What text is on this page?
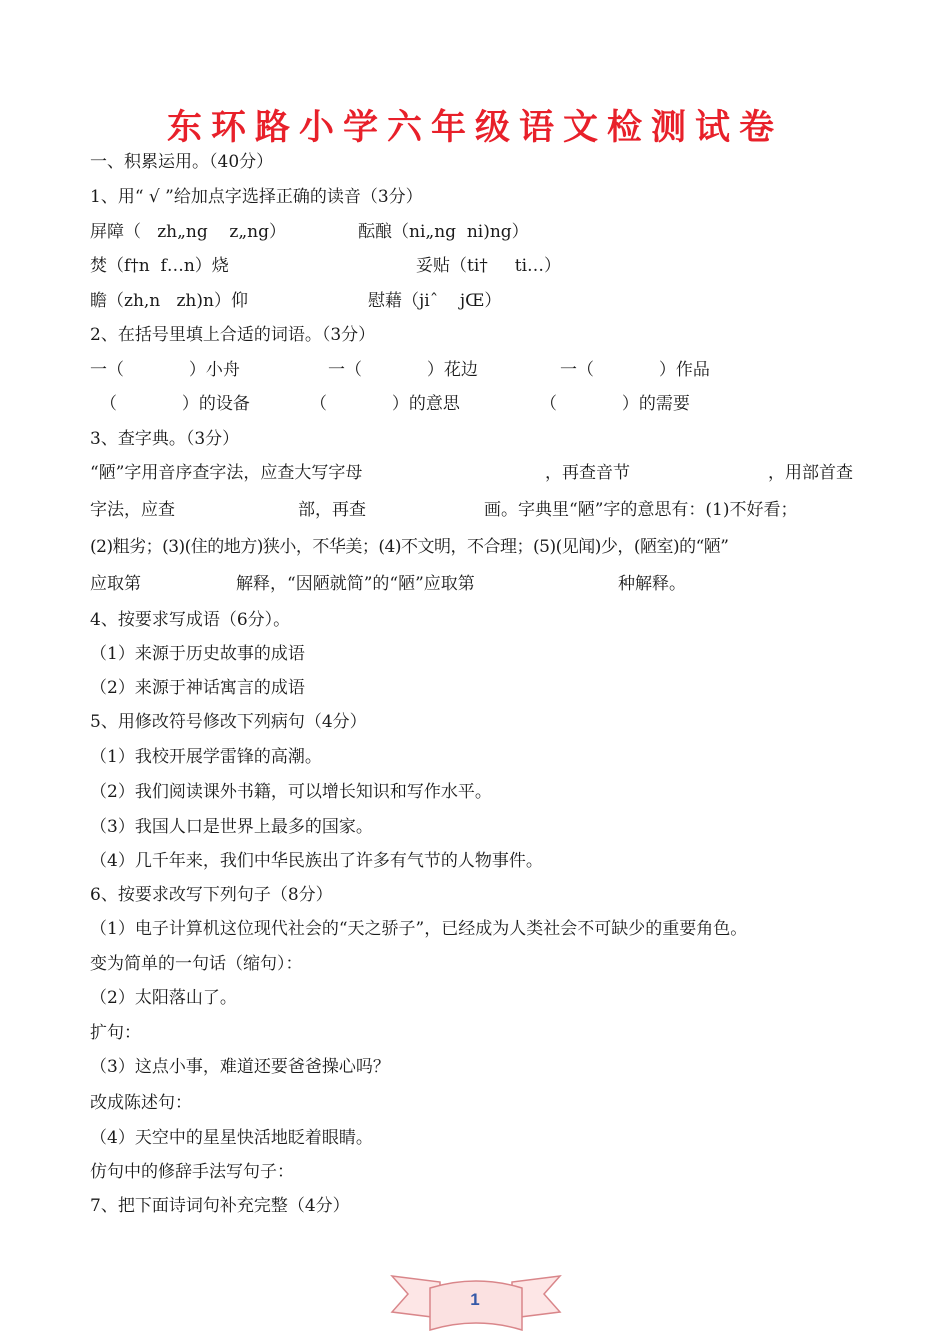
东环路小学六年级语文检测试卷
一、积累运用。（40分）
1、用“ √ ”给加点字选择正确的读音（3分）
屏障（   zh„ng    z„ng）	酝酿（ni„ng  ni)ng）
焚（f†n  f…n）烧	妥贴（ti†     ti…）
瞻（zh,n   zh)n）仰	慰藉（jiˆ    jŒ）
2、在括号里填上合适的词语。（3分）
一（            ）小舟	一（            ）花边	一（            ）作品
（            ）的设备	（            ）的意思	（            ）的需要
3、查字典。（3分）
“陋”字用音序查字法，应查大写字母	，再查音节	，用部首查
字法，应查	部，再查	画。字典里“陋”字的意思有：(1)不好看；
(2)粗劣；(3)(住的地方)狭小，不华美；(4)不文明，不合理；(5)(见闻)少，(陋室)的“陋”
应取第	解释，“因陋就简”的“陋”应取第	种解释。
4、按要求写成语（6分）。
（1）来源于历史故事的成语
（2）来源于神话寓言的成语
5、用修改符号修改下列病句（4分）
（1）我校开展学雷锋的高潮。
（2）我们阅读课外书籍，可以增长知识和写作水平。
（3）我国人口是世界上最多的国家。
（4）几千年来，我们中华民族出了许多有气节的人物事件。
6、按要求改写下列句子（8分）
（1）电子计算机这位现代社会的“天之骄子”，已经成为人类社会不可缺少的重要角色。
变为简单的一句话（缩句）：
（2）太阳落山了。
扩句：
（3）这点小事，难道还要爸爸操心吗？
改成陈述句：
（4）天空中的星星快活地眨着眼睛。
仿句中的修辞手法写句子：
7、把下面诗词句补充完整（4分）
1
